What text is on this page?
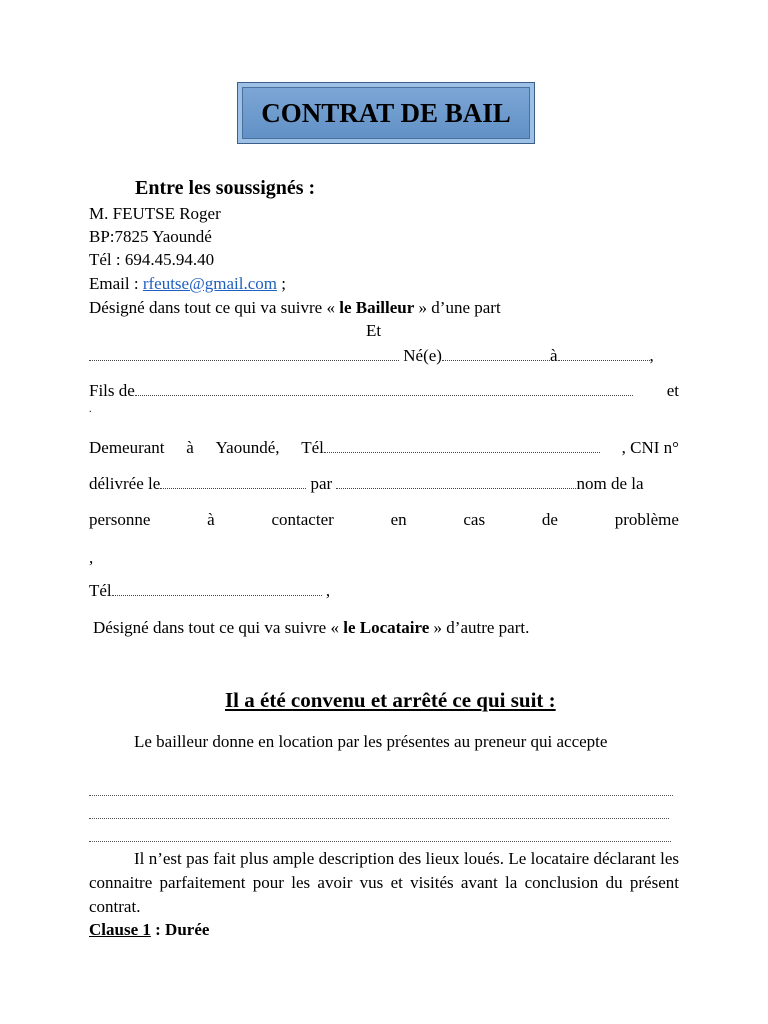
CONTRAT DE BAIL
Entre les soussignés :
M. FEUTSE Roger
BP:7825 Yaoundé
Tél : 694.45.94.40
Email : rfeutse@gmail.com ;
Désigné dans tout ce qui va suivre « le Bailleur » d’une part
Et
Né(e)	à	,
Fils de	et
.
Demeurant à Yaoundé, Tél	, CNI n°
délivrée le	par	nom de la
personne	à	contacter	en	cas	de	problème
,
Tél	,
Désigné dans tout ce qui va suivre « le Locataire » d’autre part.
Il a été convenu et arrêté ce qui suit :
Le bailleur donne en location par les présentes au preneur qui accepte
Il n’est pas fait plus ample description des lieux loués. Le locataire déclarant les connaitre parfaitement pour les avoir vus et visités avant la conclusion du présent contrat.
Clause 1 : Durée
